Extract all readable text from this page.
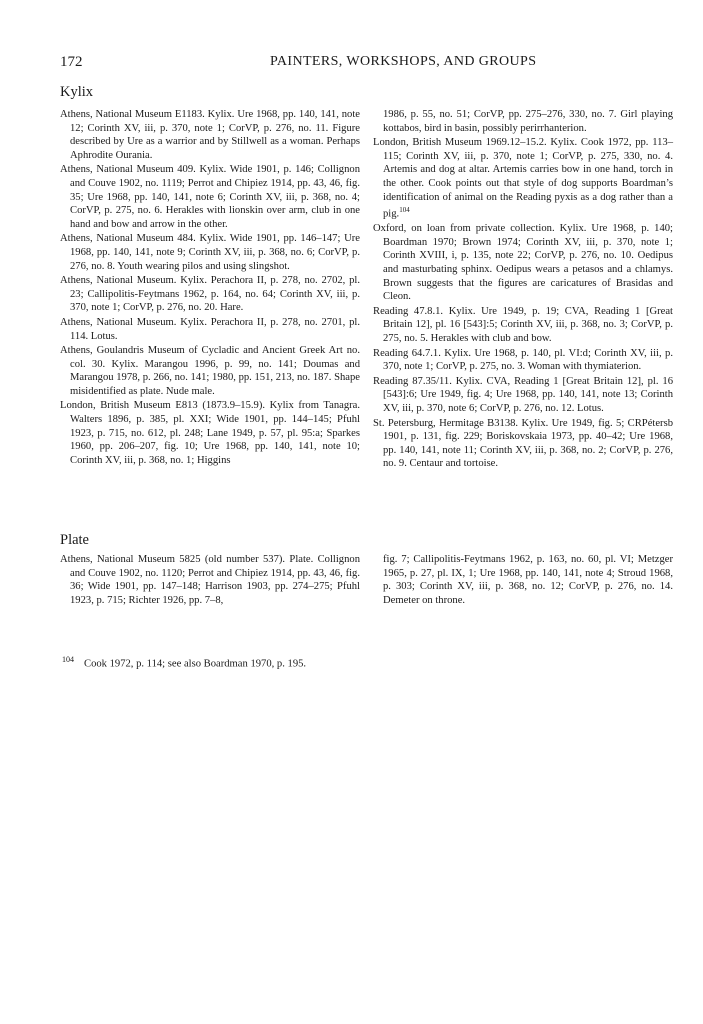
172	PAINTERS, WORKSHOPS, AND GROUPS
Kylix

Athens, National Museum E1183. Kylix. Ure 1968, pp. 140, 141, note 12; Corinth XV, iii, p. 370, note 1; CorVP, p. 276, no. 11. Figure described by Ure as a warrior and by Stillwell as a woman. Perhaps Aphrodite Ourania.

Athens, National Museum 409. Kylix. Wide 1901, p. 146; Collignon and Couve 1902, no. 1119; Perrot and Chipiez 1914, pp. 43, 46, fig. 35; Ure 1968, pp. 140, 141, note 6; Corinth XV, iii, p. 368, no. 4; CorVP, p. 275, no. 6. Herakles with lionskin over arm, club in one hand and bow and arrow in the other.

Athens, National Museum 484. Kylix. Wide 1901, pp. 146–147; Ure 1968, pp. 140, 141, note 9; Corinth XV, iii, p. 368, no. 6; CorVP, p. 276, no. 8. Youth wearing pilos and using slingshot.

Athens, National Museum. Kylix. Perachora II, p. 278, no. 2702, pl. 23; Callipolitis-Feytmans 1962, p. 164, no. 64; Corinth XV, iii, p. 370, note 1; CorVP, p. 276, no. 20. Hare.

Athens, National Museum. Kylix. Perachora II, p. 278, no. 2701, pl. 114. Lotus.

Athens, Goulandris Museum of Cycladic and Ancient Greek Art no. col. 30. Kylix. Marangou 1996, p. 99, no. 141; Doumas and Marangou 1978, p. 266, no. 141; 1980, pp. 151, 213, no. 187. Shape misidentified as plate. Nude male.

London, British Museum E813 (1873.9–15.9). Kylix from Tanagra. Walters 1896, p. 385, pl. XXI; Wide 1901, pp. 144–145; Pfuhl 1923, p. 715, no. 612, pl. 248; Lane 1949, p. 57, pl. 95:a; Sparkes 1960, pp. 206–207, fig. 10; Ure 1968, pp. 140, 141, note 10; Corinth XV, iii, p. 368, no. 1; Higgins

1986, p. 55, no. 51; CorVP, pp. 275–276, 330, no. 7. Girl playing kottabos, bird in basin, possibly perirrhanterion.

London, British Museum 1969.12–15.2. Kylix. Cook 1972, pp. 113–115; Corinth XV, iii, p. 370, note 1; CorVP, p. 275, 330, no. 4. Artemis and dog at altar. Artemis carries bow in one hand, torch in the other. Cook points out that style of dog supports Boardman’s identification of animal on the Reading pyxis as a dog rather than a pig.$^{104}$

Oxford, on loan from private collection. Kylix. Ure 1968, p. 140; Boardman 1970; Brown 1974; Corinth XV, iii, p. 370, note 1; Corinth XVIII, i, p. 135, note 22; CorVP, p. 276, no. 10. Oedipus and masturbating sphinx. Oedipus wears a petasos and a chlamys. Brown suggests that the figures are caricatures of Brasidas and Cleon.

Reading 47.8.1. Kylix. Ure 1949, p. 19; CVA, Reading 1 [Great Britain 12], pl. 16 [543]:5; Corinth XV, iii, p. 368, no. 3; CorVP, p. 275, no. 5. Herakles with club and bow.

Reading 64.7.1. Kylix. Ure 1968, p. 140, pl. VI:d; Corinth XV, iii, p. 370, note 1; CorVP, p. 275, no. 3. Woman with thymiaterion.

Reading 87.35/11. Kylix. CVA, Reading 1 [Great Britain 12], pl. 16 [543]:6; Ure 1949, fig. 4; Ure 1968, pp. 140, 141, note 13; Corinth XV, iii, p. 370, note 6; CorVP, p. 276, no. 12. Lotus.

St. Petersburg, Hermitage B3138. Kylix. Ure 1949, fig. 5; CRPétersb 1901, p. 131, fig. 229; Boriskovskaia 1973, pp. 40–42; Ure 1968, pp. 140, 141, note 11; Corinth XV, iii, p. 368, no. 2; CorVP, p. 276, no. 9. Centaur and tortoise.

Plate

Athens, National Museum 5825 (old number 537). Plate. Collignon and Couve 1902, no. 1120; Perrot and Chipiez 1914, pp. 43, 46, fig. 36; Wide 1901, pp. 147–148; Harrison 1903, pp. 274–275; Pfuhl 1923, p. 715; Richter 1926, pp. 7–8,

fig. 7; Callipolitis-Feytmans 1962, p. 163, no. 60, pl. VI; Metzger 1965, p. 27, pl. IX, 1; Ure 1968, pp. 140, 141, note 4; Stroud 1968, p. 303; Corinth XV, iii, p. 368, no. 12; CorVP, p. 276, no. 14. Demeter on throne.

$^{104}$ Cook 1972, p. 114; see also Boardman 1970, p. 195.
